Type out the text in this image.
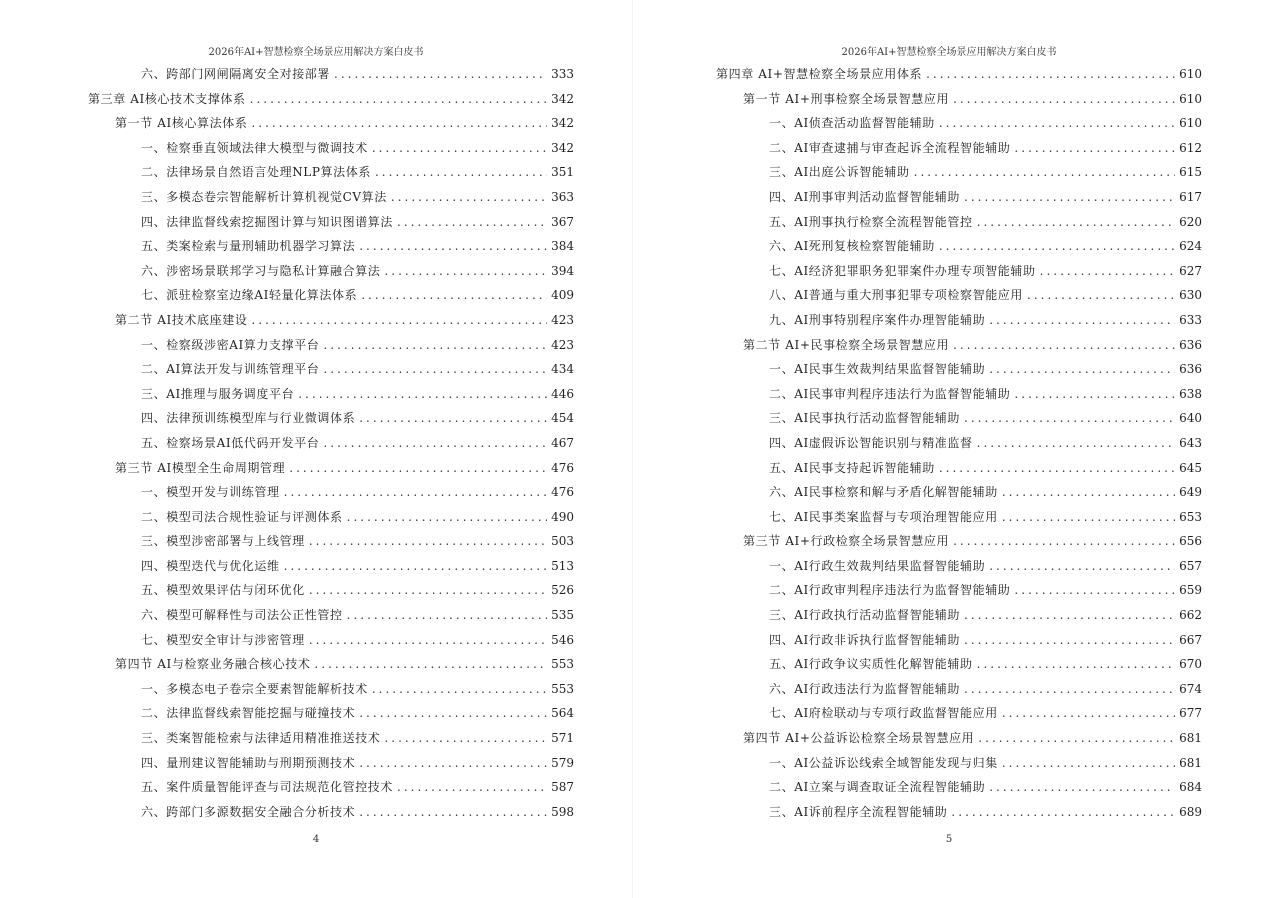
2026年AI+智慧检察全场景应用解决方案白皮书
六、跨部门网闸隔离安全对接部署 . . .	333
第三章 AI核心技术支撑体系 . . .	342
第一节 AI核心算法体系 . . .	342
一、检察垂直领域法律大模型与微调技术 . . .	342
二、法律场景自然语言处理NLP算法体系 . . .	351
三、多模态卷宗智能解析计算机视觉CV算法 . . .	363
四、法律监督线索挖掘图计算与知识图谱算法 . . .	367
五、类案检索与量刑辅助机器学习算法 . . .	384
六、涉密场景联邦学习与隐私计算融合算法 . . .	394
七、派驻检察室边缘AI轻量化算法体系 . . .	409
第二节 AI技术底座建设 . . .	423
一、检察级涉密AI算力支撑平台 . . .	423
二、AI算法开发与训练管理平台 . . .	434
三、AI推理与服务调度平台 . . .	446
四、法律预训练模型库与行业微调体系 . . .	454
五、检察场景AI低代码开发平台 . . .	467
第三节 AI模型全生命周期管理 . . .	476
一、模型开发与训练管理 . . .	476
二、模型司法合规性验证与评测体系 . . .	490
三、模型涉密部署与上线管理 . . .	503
四、模型迭代与优化运维 . . .	513
五、模型效果评估与闭环优化 . . .	526
六、模型可解释性与司法公正性管控 . . .	535
七、模型安全审计与涉密管理 . . .	546
第四节 AI与检察业务融合核心技术 . . .	553
一、多模态电子卷宗全要素智能解析技术 . . .	553
二、法律监督线索智能挖掘与碰撞技术 . . .	564
三、类案智能检索与法律适用精准推送技术 . . .	571
四、量刑建议智能辅助与刑期预测技术 . . .	579
五、案件质量智能评查与司法规范化管控技术 . . .	587
六、跨部门多源数据安全融合分析技术 . . .	598
4
2026年AI+智慧检察全场景应用解决方案白皮书
第四章 AI+智慧检察全场景应用体系 . . .	610
第一节 AI+刑事检察全场景智慧应用 . . .	610
一、AI侦查活动监督智能辅助 . . .	610
二、AI审查逮捕与审查起诉全流程智能辅助 . . .	612
三、AI出庭公诉智能辅助 . . .	615
四、AI刑事审判活动监督智能辅助 . . .	617
五、AI刑事执行检察全流程智能管控 . . .	620
六、AI死刑复核检察智能辅助 . . .	624
七、AI经济犯罪职务犯罪案件办理专项智能辅助 . . .	627
八、AI普通与重大刑事犯罪专项检察智能应用 . . .	630
九、AI刑事特别程序案件办理智能辅助 . . .	633
第二节 AI+民事检察全场景智慧应用 . . .	636
一、AI民事生效裁判结果监督智能辅助 . . .	636
二、AI民事审判程序违法行为监督智能辅助 . . .	638
三、AI民事执行活动监督智能辅助 . . .	640
四、AI虚假诉讼智能识别与精准监督 . . .	643
五、AI民事支持起诉智能辅助 . . .	645
六、AI民事检察和解与矛盾化解智能辅助 . . .	649
七、AI民事类案监督与专项治理智能应用 . . .	653
第三节 AI+行政检察全场景智慧应用 . . .	656
一、AI行政生效裁判结果监督智能辅助 . . .	657
二、AI行政审判程序违法行为监督智能辅助 . . .	659
三、AI行政执行活动监督智能辅助 . . .	662
四、AI行政非诉执行监督智能辅助 . . .	667
五、AI行政争议实质性化解智能辅助 . . .	670
六、AI行政违法行为监督智能辅助 . . .	674
七、AI府检联动与专项行政监督智能应用 . . .	677
第四节 AI+公益诉讼检察全场景智慧应用 . . .	681
一、AI公益诉讼线索全域智能发现与归集 . . .	681
二、AI立案与调查取证全流程智能辅助 . . .	684
三、AI诉前程序全流程智能辅助 . . .	689
5
